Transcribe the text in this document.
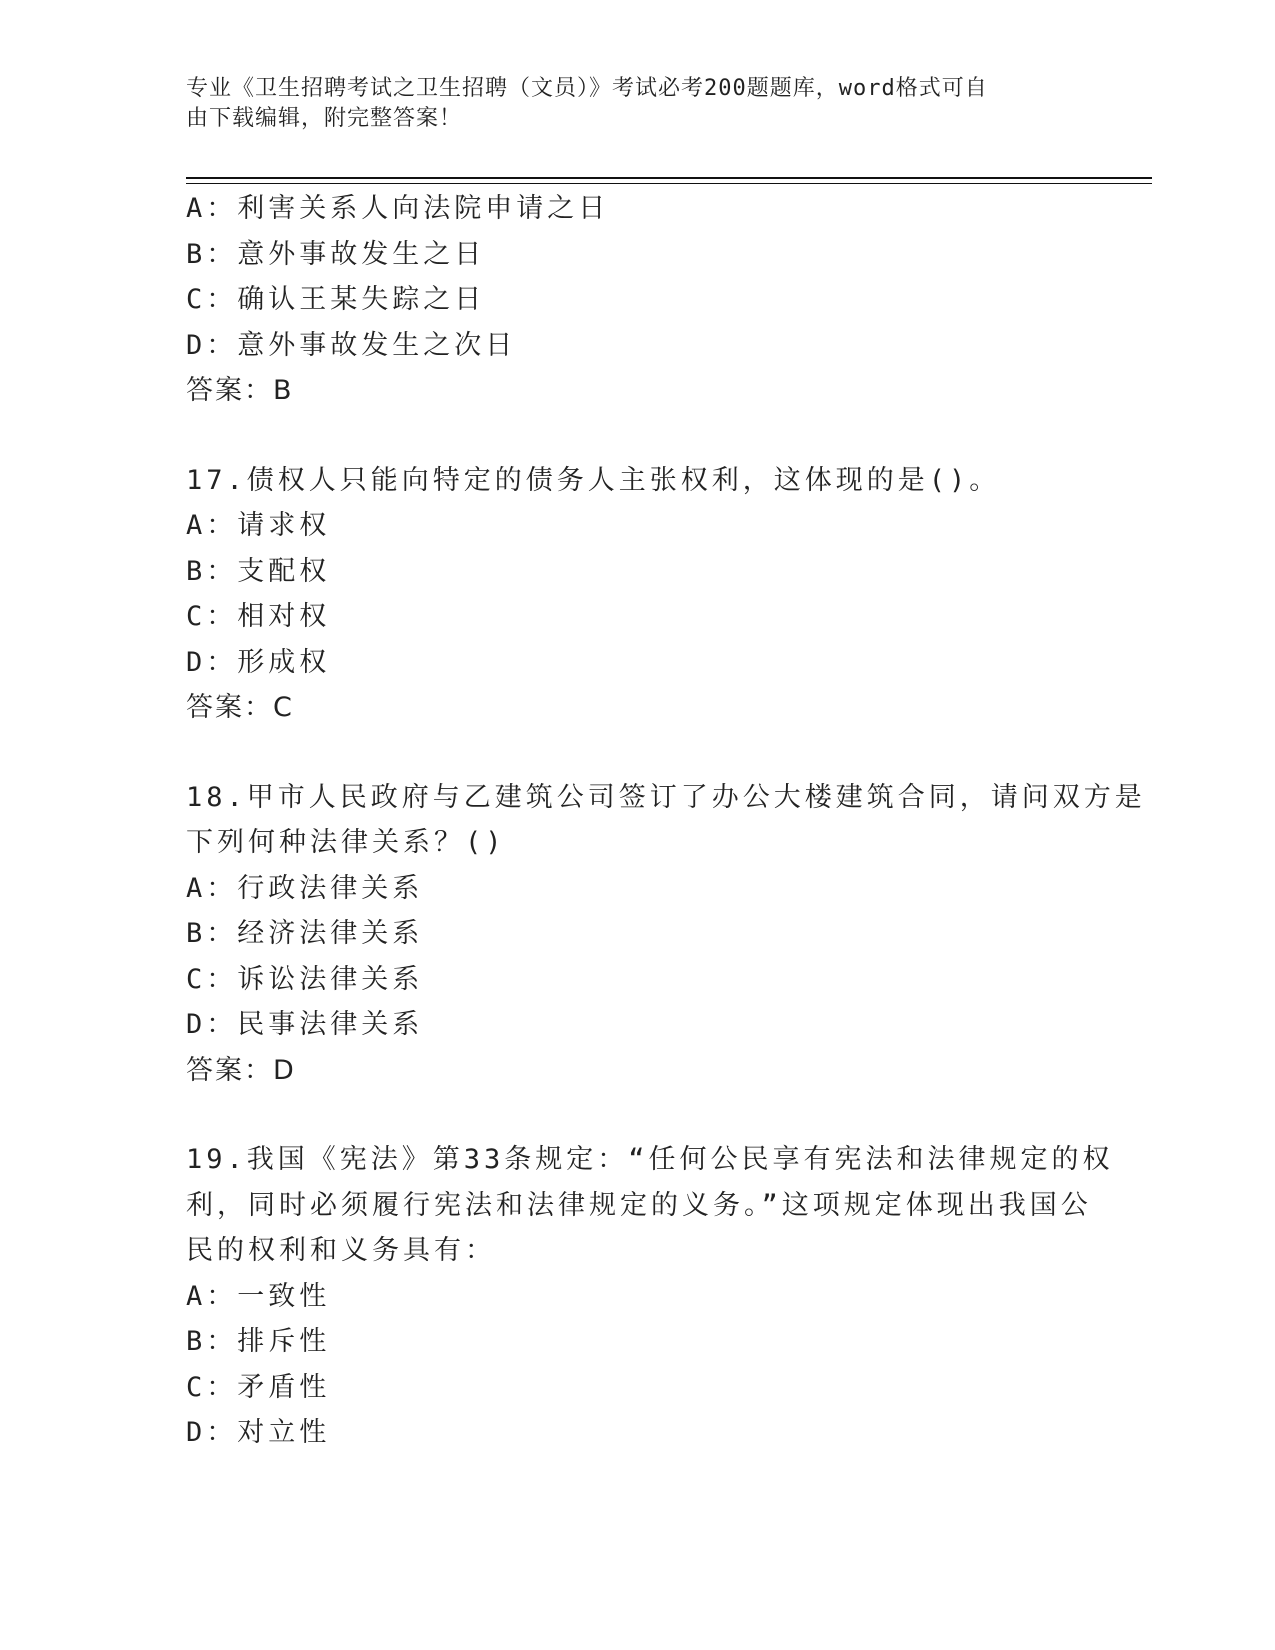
专业《卫生招聘考试之卫生招聘（文员）》考试必考200题题库，word格式可自
由下载编辑，附完整答案！
A：利害关系人向法院申请之日
B：意外事故发生之日
C：确认王某失踪之日
D：意外事故发生之次日
答案：B
17.债权人只能向特定的债务人主张权利，这体现的是()。
A：请求权
B：支配权
C：相对权
D：形成权
答案：C
18.甲市人民政府与乙建筑公司签订了办公大楼建筑合同，请问双方是
下列何种法律关系？()
A：行政法律关系
B：经济法律关系
C：诉讼法律关系
D：民事法律关系
答案：D
19.我国《宪法》第33条规定：“任何公民享有宪法和法律规定的权
利，同时必须履行宪法和法律规定的义务。”这项规定体现出我国公
民的权利和义务具有：
A：一致性
B：排斥性
C：矛盾性
D：对立性
